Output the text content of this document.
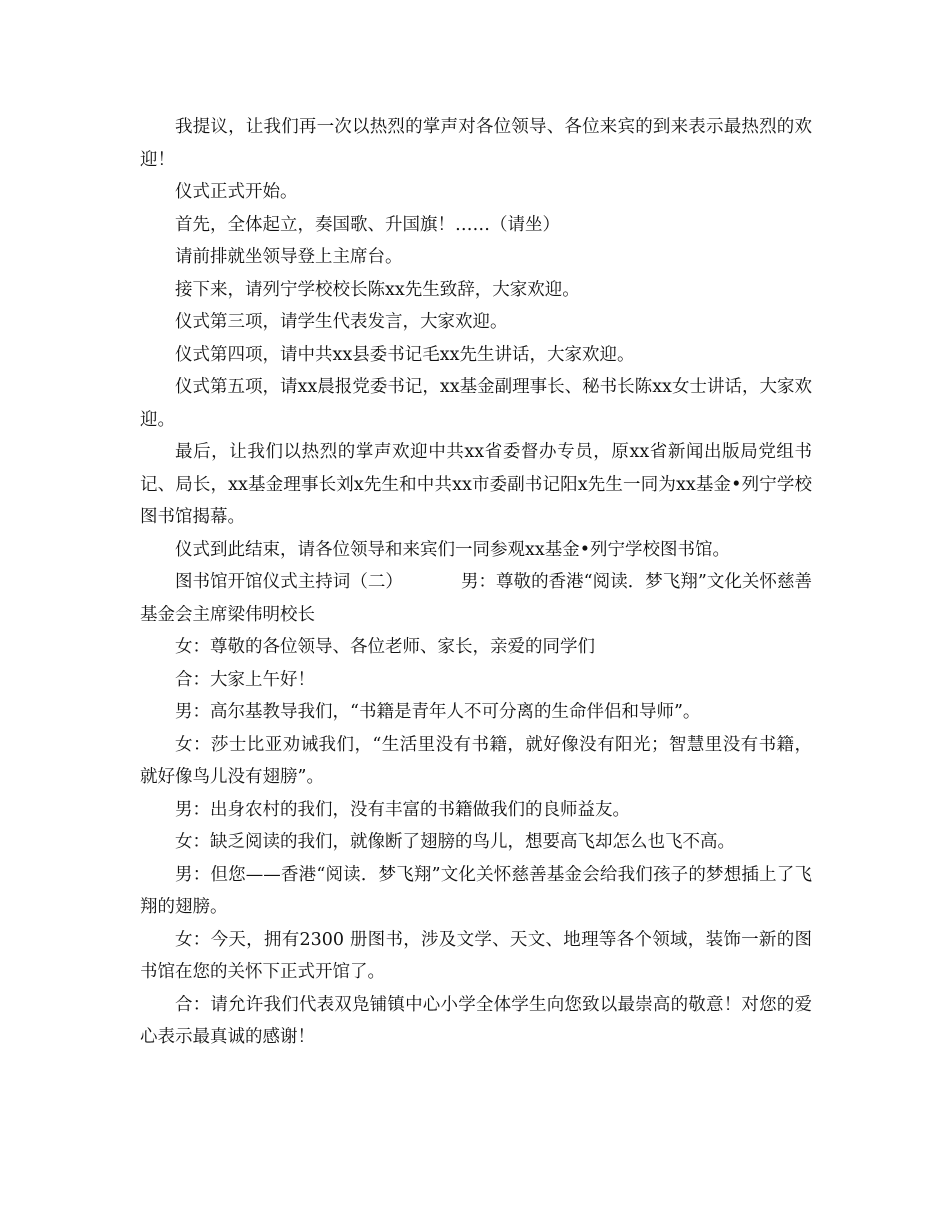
我提议，让我们再一次以热烈的掌声对各位领导、各位来宾的到来表示最热烈的欢迎！

仪式正式开始。

首先，全体起立，奏国歌、升国旗！……（请坐）

请前排就坐领导登上主席台。

接下来，请列宁学校校长陈xx先生致辞，大家欢迎。

仪式第三项，请学生代表发言，大家欢迎。

仪式第四项，请中共xx县委书记毛xx先生讲话，大家欢迎。

仪式第五项，请xx晨报党委书记，xx基金副理事长、秘书长陈xx女士讲话，大家欢迎。

最后，让我们以热烈的掌声欢迎中共xx省委督办专员，原xx省新闻出版局党组书记、局长，xx基金理事长刘x先生和中共xx市委副书记阳x先生一同为xx基金•列宁学校图书馆揭幕。

仪式到此结束，请各位领导和来宾们一同参观xx基金•列宁学校图书馆。

图书馆开馆仪式主持词（二）	男：尊敬的香港“阅读．梦飞翔”文化关怀慈善基金会主席梁伟明校长

女：尊敬的各位领导、各位老师、家长，亲爱的同学们

合：大家上午好！

男：高尔基教导我们，“书籍是青年人不可分离的生命伴侣和导师”。

女：莎士比亚劝诫我们，“生活里没有书籍，就好像没有阳光；智慧里没有书籍，就好像鸟儿没有翅膀”。

男：出身农村的我们，没有丰富的书籍做我们的良师益友。

女：缺乏阅读的我们，就像断了翅膀的鸟儿，想要高飞却怎么也飞不高。

男：但您——香港“阅读．梦飞翔”文化关怀慈善基金会给我们孩子的梦想插上了飞翔的翅膀。

女：今天，拥有2300 册图书，涉及文学、天文、地理等各个领域，装饰一新的图书馆在您的关怀下正式开馆了。

合：请允许我们代表双凫铺镇中心小学全体学生向您致以最崇高的敬意！对您的爱心表示最真诚的感谢！
